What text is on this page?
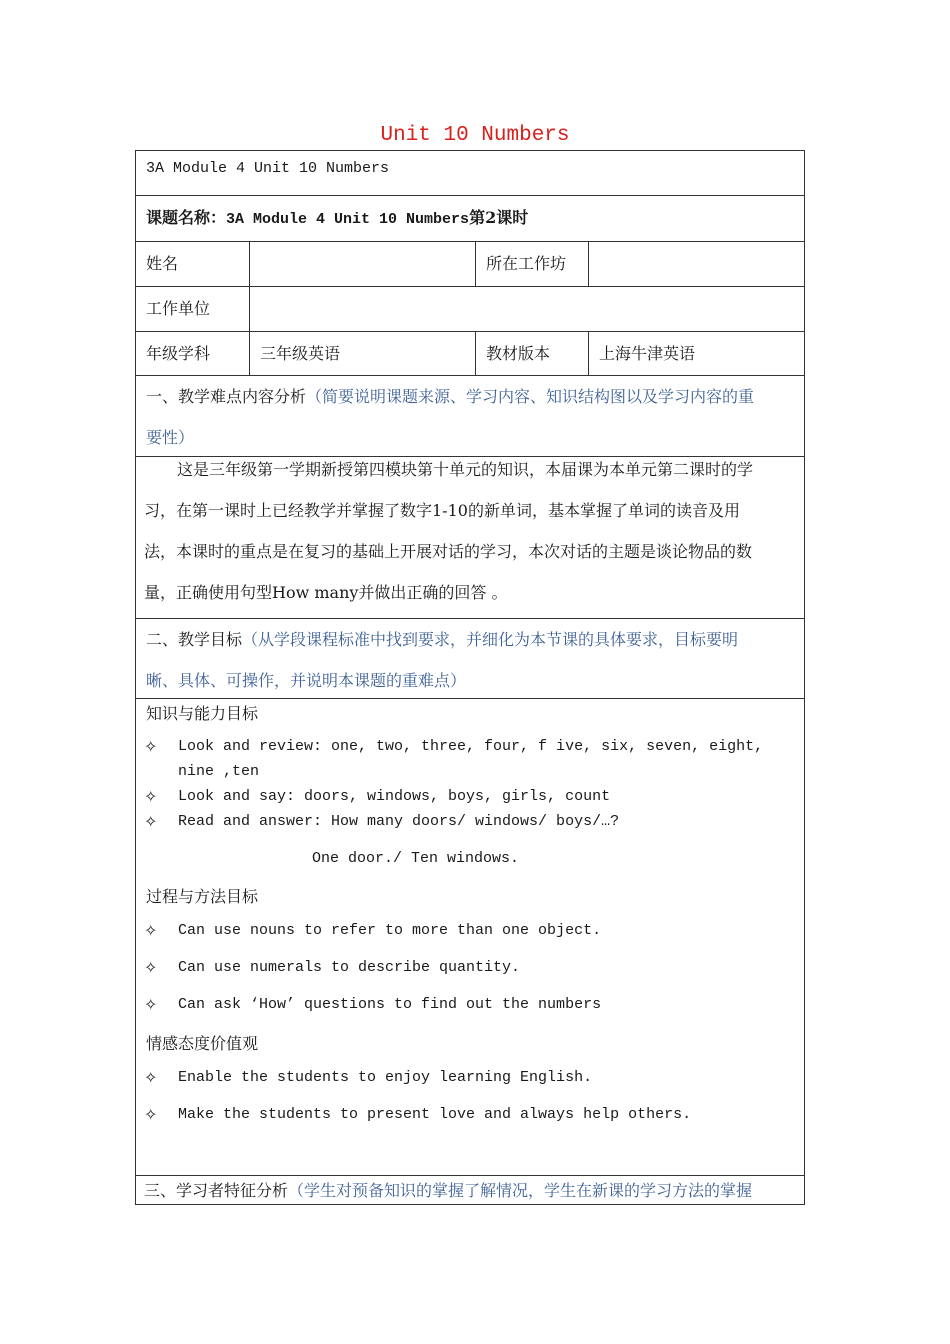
Unit 10 Numbers
3A Module 4 Unit 10 Numbers
课题名称：3A Module 4 Unit 10 Numbers第2课时
姓名	所在工作坊
工作单位
年级学科	三年级英语	教材版本	上海牛津英语
一、教学难点内容分析（简要说明课题来源、学习内容、知识结构图以及学习内容的重
要性）
这是三年级第一学期新授第四模块第十单元的知识，本届课为本单元第二课时的学
习，在第一课时上已经教学并掌握了数字1-10的新单词，基本掌握了单词的读音及用
法，本课时的重点是在复习的基础上开展对话的学习，本次对话的主题是谈论物品的数
量，正确使用句型How many并做出正确的回答 。
二、教学目标（从学段课程标准中找到要求，并细化为本节课的具体要求，目标要明
晰、具体、可操作，并说明本课题的重难点）
知识与能力目标
✧ Look and review: one, two, three, four, f ive, six, seven, eight,
nine ,ten
✧ Look and say: doors, windows, boys, girls, count
✧ Read and answer: How many doors/ windows/ boys/…?
One door./ Ten windows.
过程与方法目标
✧ Can use nouns to refer to more than one object.
✧ Can use numerals to describe quantity.
✧ Can ask ‘How’ questions to find out the numbers
情感态度价值观
✧ Enable the students to enjoy learning English.
✧ Make the students to present love and always help others.
三、学习者特征分析（学生对预备知识的掌握了解情况，学生在新课的学习方法的掌握
